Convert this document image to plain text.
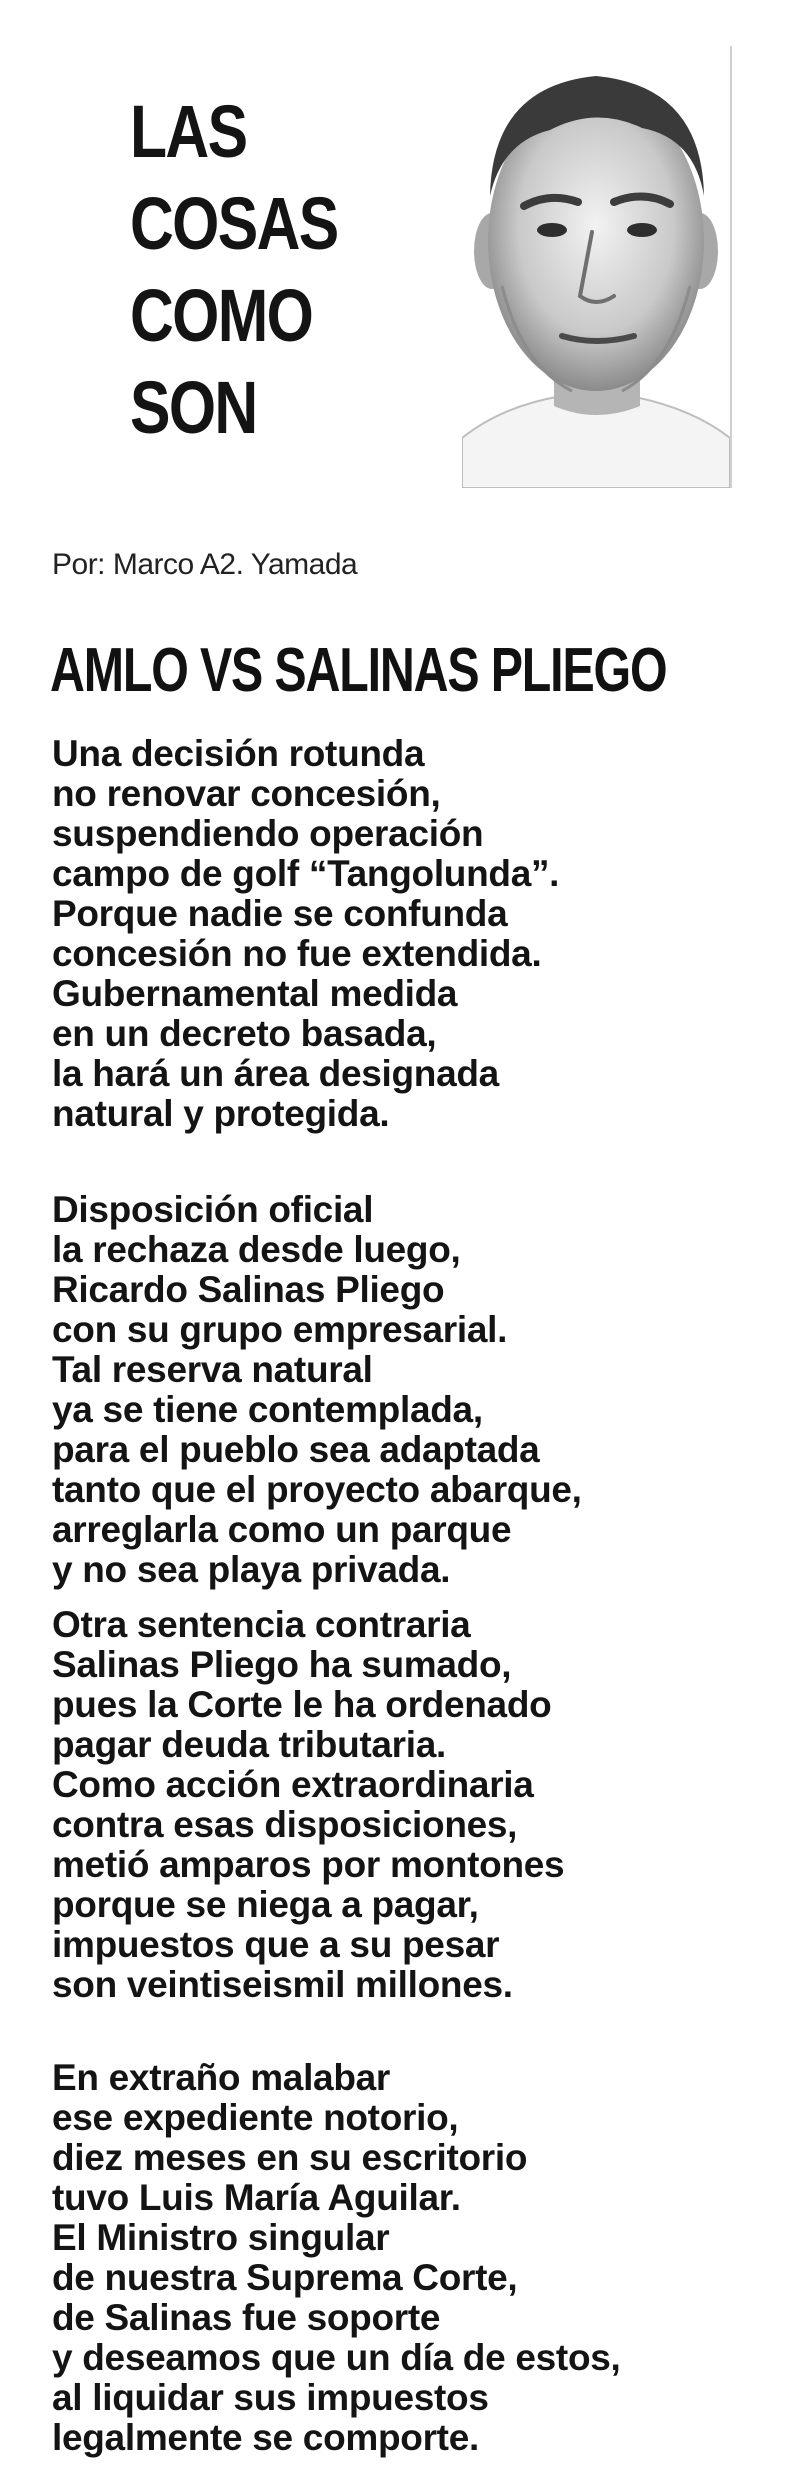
LAS
COSAS
COMO
SON

Por: Marco A2. Yamada

AMLO VS SALINAS PLIEGO
Una decisión rotunda
no renovar concesión,
suspendiendo operación
campo de golf “Tangolunda”.
Porque nadie se confunda
concesión no fue extendida.
Gubernamental medida
en un decreto basada,
la hará un área designada
natural y protegida.
Disposición oficial
la rechaza desde luego,
Ricardo Salinas Pliego
con su grupo empresarial.
Tal reserva natural
ya se tiene contemplada,
para el pueblo sea adaptada
tanto que el proyecto abarque,
arreglarla como un parque
y no sea playa privada.
Otra sentencia contraria
Salinas Pliego ha sumado,
pues la Corte le ha ordenado
pagar deuda tributaria.
Como acción extraordinaria
contra esas disposiciones,
metió amparos por montones
porque se niega a pagar,
impuestos que a su pesar
son veintiseismil millones.
En extraño malabar
ese expediente notorio,
diez meses en su escritorio
tuvo Luis María Aguilar.
El Ministro singular
de nuestra Suprema Corte,
de Salinas fue soporte
y deseamos que un día de estos,
al liquidar sus impuestos
legalmente se comporte.
